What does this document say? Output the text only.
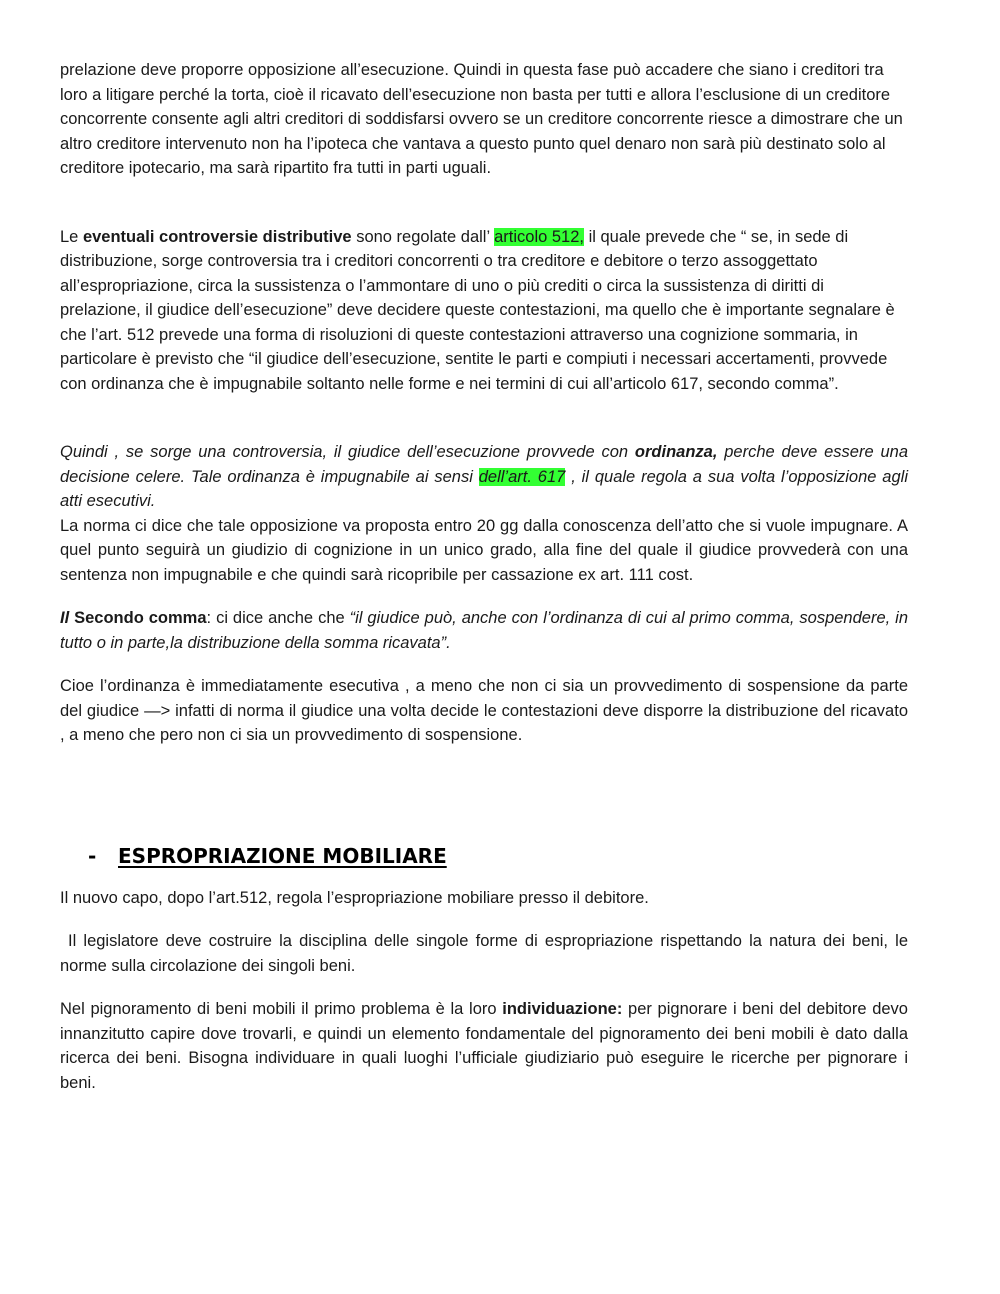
prelazione deve proporre opposizione all’esecuzione. Quindi in questa fase può accadere che siano i creditori tra loro a litigare perché la torta, cioè il ricavato dell’esecuzione non basta per tutti e allora l’esclusione di un creditore concorrente consente agli altri creditori di soddisfarsi ovvero se un creditore concorrente riesce a dimostrare che un altro creditore intervenuto non ha l’ipoteca che vantava a questo punto quel denaro non sarà più destinato solo al creditore ipotecario, ma sarà ripartito fra tutti in parti uguali.

Le eventuali controversie distributive sono regolate dall’ articolo 512, il quale prevede che “ se, in sede di distribuzione, sorge controversia tra i creditori concorrenti o tra creditore e debitore o terzo assoggettato all’espropriazione, circa la sussistenza o l’ammontare di uno o più crediti o circa la sussistenza di diritti di prelazione, il giudice dell’esecuzione” deve decidere queste contestazioni, ma quello che è importante segnalare è che l’art. 512 prevede una forma di risoluzioni di queste contestazioni attraverso una cognizione sommaria, in particolare è previsto che “il giudice dell’esecuzione, sentite le parti e compiuti i necessari accertamenti, provvede con ordinanza che è impugnabile soltanto nelle forme e nei termini di cui all’articolo 617, secondo comma”.

Quindi , se sorge una controversia, il giudice dell’esecuzione provvede con ordinanza, perche deve essere una decisione celere. Tale ordinanza è impugnabile ai sensi dell’art. 617 , il quale regola a sua volta l’opposizione agli atti esecutivi.
La norma ci dice che tale opposizione va proposta entro 20 gg dalla conoscenza dell’atto che si vuole impugnare. A quel punto seguirà un giudizio di cognizione in un unico grado, alla fine del quale il giudice provvederà con una sentenza non impugnabile e che quindi sarà ricopribile per cassazione ex art. 111 cost.

Il Secondo comma: ci dice anche che “il giudice può, anche con l’ordinanza di cui al primo comma, sospendere, in tutto o in parte,la distribuzione della somma ricavata”.

Cioe l’ordinanza è immediatamente esecutiva , a meno che non ci sia un provvedimento di sospensione da parte del giudice —> infatti di norma il giudice una volta decide le contestazioni deve disporre la distribuzione del ricavato , a meno che pero non ci sia un provvedimento di sospensione.

- ESPROPRIAZIONE MOBILIARE

Il nuovo capo, dopo l’art.512, regola l’espropriazione mobiliare presso il debitore.

Il legislatore deve costruire la disciplina delle singole forme di espropriazione rispettando la natura dei beni, le norme sulla circolazione dei singoli beni.

Nel pignoramento di beni mobili il primo problema è la loro individuazione: per pignorare i beni del debitore devo innanzitutto capire dove trovarli, e quindi un elemento fondamentale del pignoramento dei beni mobili è dato dalla ricerca dei beni. Bisogna individuare in quali luoghi l’ufficiale giudiziario può eseguire le ricerche per pignorare i beni.
